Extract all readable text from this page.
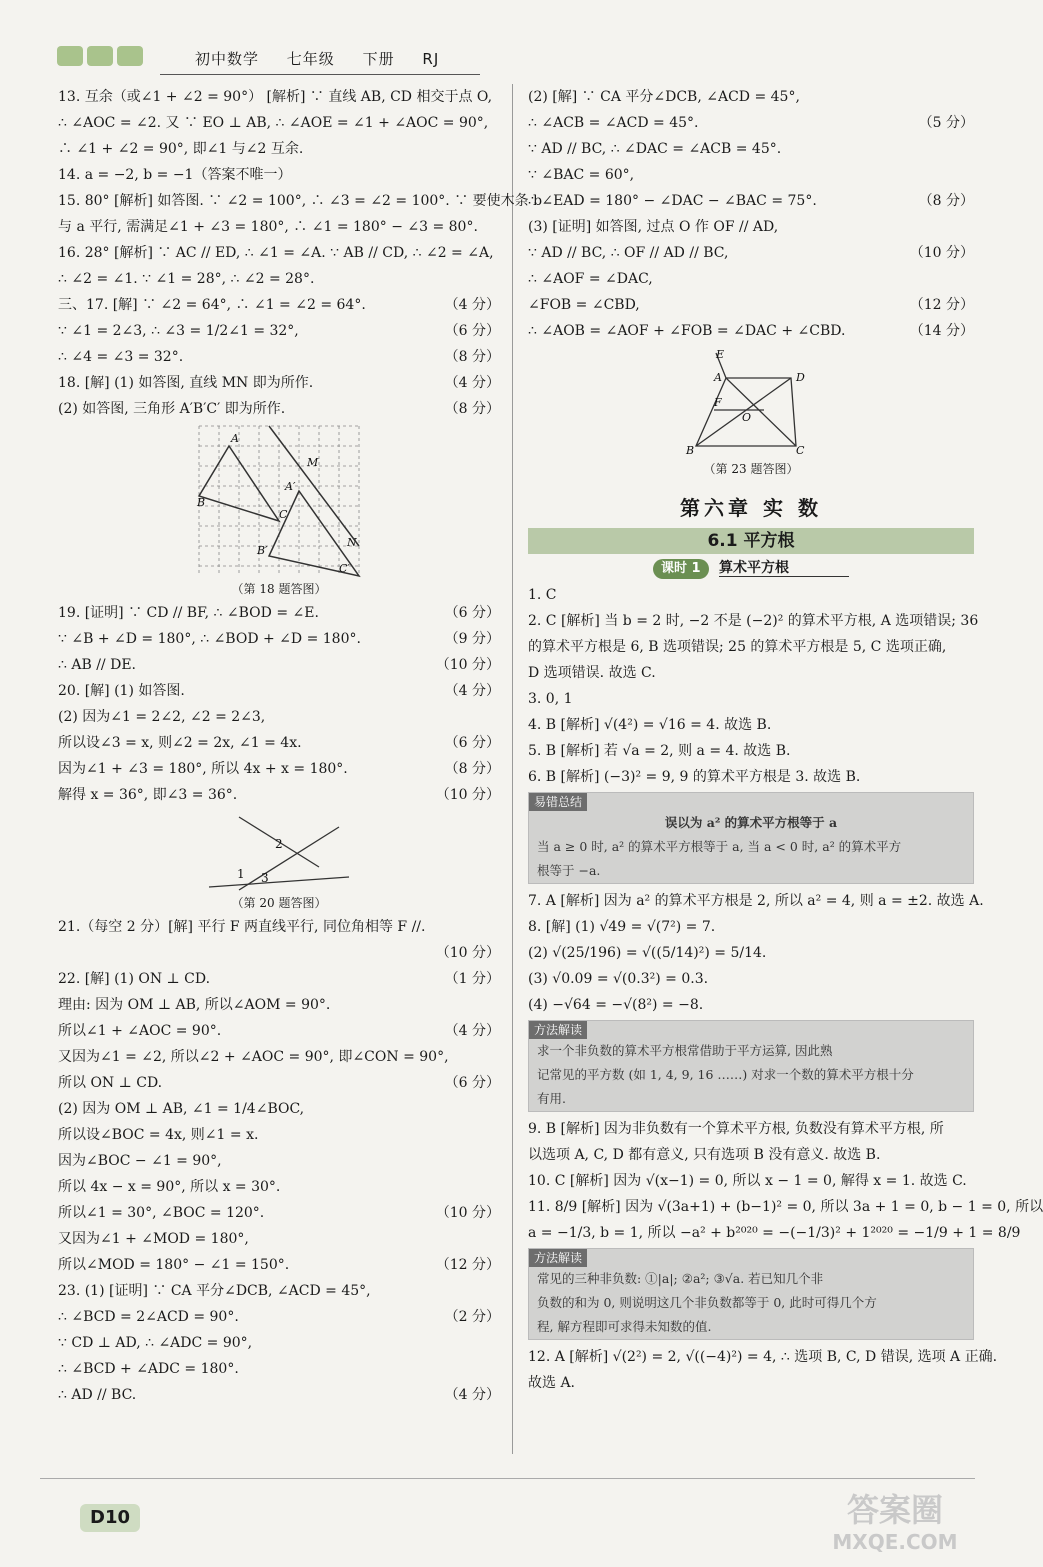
初中数学 七年级 下册 RJ
13. 互余（或∠1 + ∠2 = 90°） [解析] ∵ 直线 AB, CD 相交于点 O,
∴ ∠AOC = ∠2. 又 ∵ EO ⊥ AB, ∴ ∠AOE = ∠1 + ∠AOC = 90°,
∴ ∠1 + ∠2 = 90°, 即∠1 与∠2 互余.
14. a = −2, b = −1（答案不唯一）
15. 80° [解析] 如答图. ∵ ∠2 = 100°, ∴ ∠3 = ∠2 = 100°. ∵ 要使木条 b
与 a 平行, 需满足∠1 + ∠3 = 180°, ∴ ∠1 = 180° − ∠3 = 80°.
16. 28° [解析] ∵ AC // ED, ∴ ∠1 = ∠A. ∵ AB // CD, ∴ ∠2 = ∠A,
∴ ∠2 = ∠1. ∵ ∠1 = 28°, ∴ ∠2 = 28°.
三、17. [解] ∵ ∠2 = 64°, ∴ ∠1 = ∠2 = 64°.	（4 分）
∵ ∠1 = 2∠3, ∴ ∠3 = 1/2∠1 = 32°,	（6 分）
∴ ∠4 = ∠3 = 32°.	（8 分）
18. [解] (1) 如答图, 直线 MN 即为所作.	（4 分）
(2) 如答图, 三角形 A′B′C′ 即为所作.	（8 分）
A
B
C
M
A′
B′
N
C′
（第 18 题答图）
19. [证明] ∵ CD // BF, ∴ ∠BOD = ∠E.	（6 分）
∵ ∠B + ∠D = 180°, ∴ ∠BOD + ∠D = 180°.	（9 分）
∴ AB // DE.	（10 分）
20. [解] (1) 如答图.	（4 分）
(2) 因为∠1 = 2∠2, ∠2 = 2∠3,
所以设∠3 = x, 则∠2 = 2x, ∠1 = 4x.	（6 分）
因为∠1 + ∠3 = 180°, 所以 4x + x = 180°.	（8 分）
解得 x = 36°, 即∠3 = 36°.	（10 分）
1
2
3
（第 20 题答图）
21.（每空 2 分）[解] 平行 F 两直线平行, 同位角相等 F //.
（10 分）
22. [解] (1) ON ⊥ CD.	（1 分）
理由: 因为 OM ⊥ AB, 所以∠AOM = 90°.
所以∠1 + ∠AOC = 90°.	（4 分）
又因为∠1 = ∠2, 所以∠2 + ∠AOC = 90°, 即∠CON = 90°,
所以 ON ⊥ CD.	（6 分）
(2) 因为 OM ⊥ AB, ∠1 = 1/4∠BOC,
所以设∠BOC = 4x, 则∠1 = x.
因为∠BOC − ∠1 = 90°,
所以 4x − x = 90°, 所以 x = 30°.
所以∠1 = 30°, ∠BOC = 120°.	（10 分）
又因为∠1 + ∠MOD = 180°,
所以∠MOD = 180° − ∠1 = 150°.	（12 分）
23. (1) [证明] ∵ CA 平分∠DCB, ∠ACD = 45°,
∴ ∠BCD = 2∠ACD = 90°.	（2 分）
∵ CD ⊥ AD, ∴ ∠ADC = 90°,
∴ ∠BCD + ∠ADC = 180°.
∴ AD // BC.	（4 分）
(2) [解] ∵ CA 平分∠DCB, ∠ACD = 45°,
∴ ∠ACB = ∠ACD = 45°.	（5 分）
∵ AD // BC, ∴ ∠DAC = ∠ACB = 45°.
∵ ∠BAC = 60°,
∴ ∠EAD = 180° − ∠DAC − ∠BAC = 75°.	（8 分）
(3) [证明] 如答图, 过点 O 作 OF // AD,
∵ AD // BC, ∴ OF // AD // BC,	（10 分）
∴ ∠AOF = ∠DAC,
∠FOB = ∠CBD,	（12 分）
∴ ∠AOB = ∠AOF + ∠FOB = ∠DAC + ∠CBD.	（14 分）
E
A	D
F
O
B	C
（第 23 题答图）
第六章 实 数
6.1 平方根
课时 1 算术平方根
1. C
2. C [解析] 当 b = 2 时, −2 不是 (−2)² 的算术平方根, A 选项错误; 36
的算术平方根是 6, B 选项错误; 25 的算术平方根是 5, C 选项正确,
D 选项错误. 故选 C.
3. 0, 1
4. B [解析] √(4²) = √16 = 4. 故选 B.
5. B [解析] 若 √a = 2, 则 a = 4. 故选 B.
6. B [解析] (−3)² = 9, 9 的算术平方根是 3. 故选 B.
易错总结
误以为 a² 的算术平方根等于 a
当 a ≥ 0 时, a² 的算术平方根等于 a, 当 a < 0 时, a² 的算术平方
根等于 −a.
7. A [解析] 因为 a² 的算术平方根是 2, 所以 a² = 4, 则 a = ±2. 故选 A.
8. [解] (1) √49 = √(7²) = 7.
(2) √(25/196) = √((5/14)²) = 5/14.
(3) √0.09 = √(0.3²) = 0.3.
(4) −√64 = −√(8²) = −8.
方法解读
求一个非负数的算术平方根常借助于平方运算, 因此熟
记常见的平方数 (如 1, 4, 9, 16 ……) 对求一个数的算术平方根十分
有用.
9. B [解析] 因为非负数有一个算术平方根, 负数没有算术平方根, 所
以选项 A, C, D 都有意义, 只有选项 B 没有意义. 故选 B.
10. C [解析] 因为 √(x−1) = 0, 所以 x − 1 = 0, 解得 x = 1. 故选 C.
11. 8/9 [解析] 因为 √(3a+1) + (b−1)² = 0, 所以 3a + 1 = 0, b − 1 = 0, 所以
a = −1/3, b = 1, 所以 −a² + b²⁰²⁰ = −(−1/3)² + 1²⁰²⁰ = −1/9 + 1 = 8/9
方法解读
常见的三种非负数: ①|a|; ②a²; ③√a. 若已知几个非
负数的和为 0, 则说明这几个非负数都等于 0, 此时可得几个方
程, 解方程即可求得未知数的值.
12. A [解析] √(2²) = 2, √((−4)²) = 4, ∴ 选项 B, C, D 错误, 选项 A 正确.
故选 A.
D10	答案圈
MXQE.COM
